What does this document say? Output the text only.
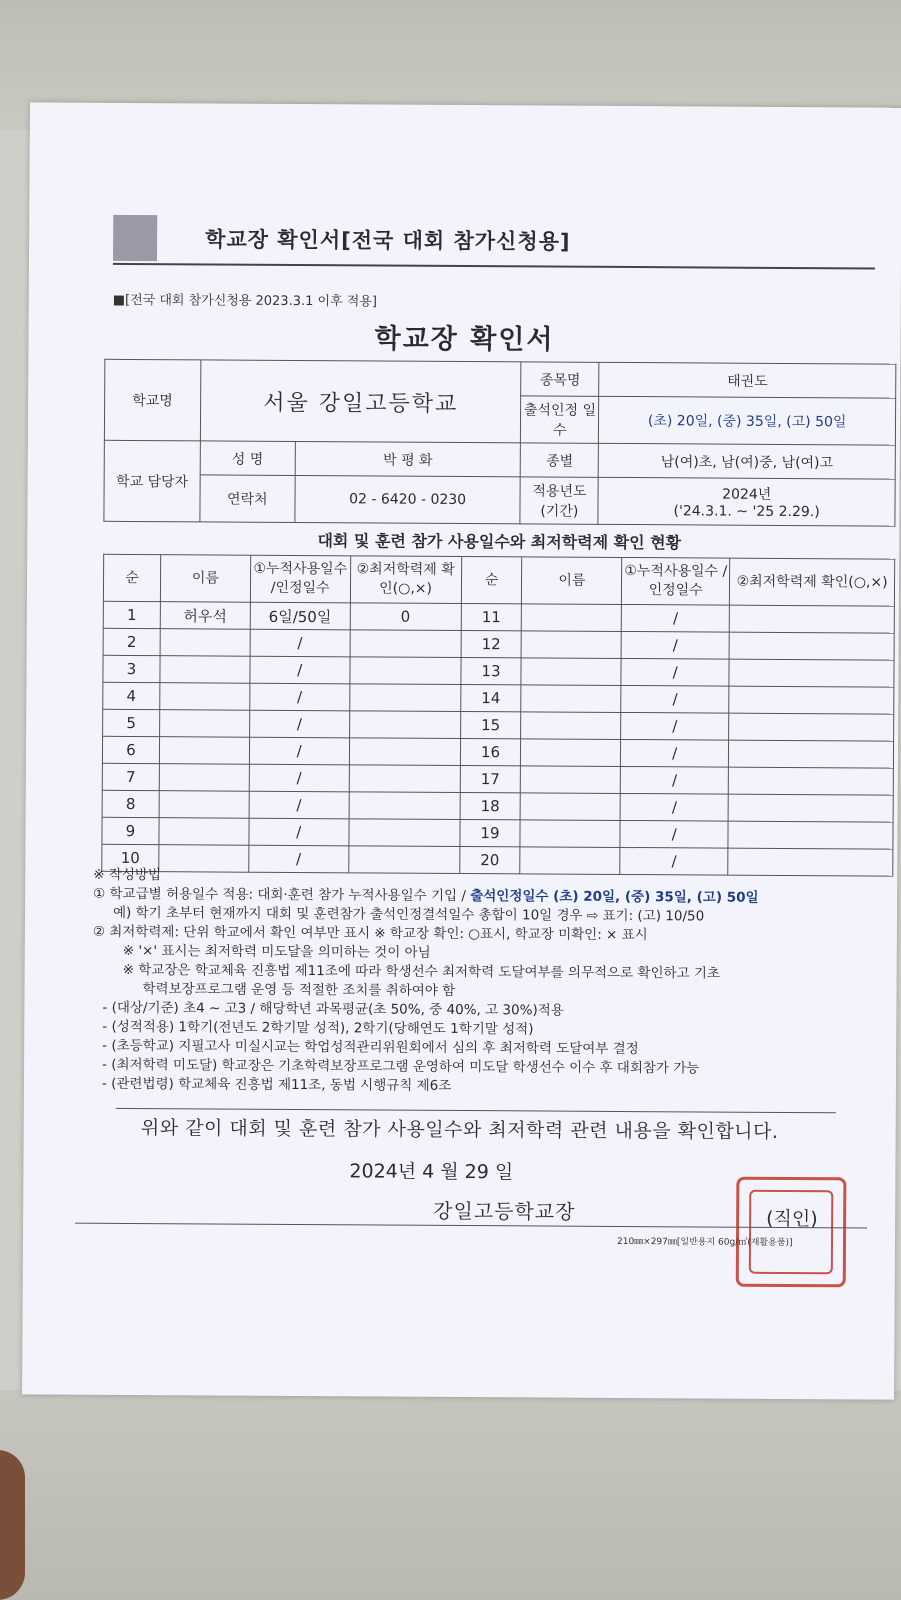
학교장 확인서[전국 대회 참가신청용]
■[전국 대회 참가신청용 2023.3.1 이후 적용]
학교장 확인서
학교명	서울 강일고등학교		종목명	태권도
			출석인정 일수	(초) 20일, (중) 35일, (고) 50일
학교 담당자	성 명	박 평 화	종별	남(여)초, 남(여)중, 남(여)고
	연락처	02 - 6420 - 0230	적용년도 (기간)	2024년
('24.3.1. ~ '25 2.29.)
대회 및 훈련 참가 사용일수와 최저학력제 확인 현황
순	이름	①누적사용일수 /인정일수	②최저학력제 확인(○,×)	순	이름	①누적사용일수 /인정일수	②최저학력제 확인(○,×)
1	허우석	6일/50일	0	11		/	
2		/		12		/	
3		/		13		/	
4		/		14		/	
5		/		15		/	
6		/		16		/	
7		/		17		/	
8		/		18		/	
9		/		19		/	
10		/		20		/	
※ 작성방법
① 학교급별 허용일수 적용: 대회·훈련 참가 누적사용일수 기입 / 출석인정일수 (초) 20일, (중) 35일, (고) 50일
예) 학기 초부터 현재까지 대회 및 훈련참가 출석인정결석일수 총합이 10일 경우 ⇨ 표기: (고) 10/50
② 최저학력제: 단위 학교에서 확인 여부만 표시 ※ 학교장 확인: ○표시, 학교장 미확인: × 표시
※ '×' 표시는 최저학력 미도달을 의미하는 것이 아님
※ 학교장은 학교체육 진흥법 제11조에 따라 학생선수 최저학력 도달여부를 의무적으로 확인하고 기초
학력보장프로그램 운영 등 적절한 조치를 취하여야 함
- (대상/기준) 초4 ~ 고3 / 해당학년 과목평균(초 50%, 중 40%, 고 30%)적용
- (성적적용) 1학기(전년도 2학기말 성적), 2학기(당해연도 1학기말 성적)
- (초등학교) 지필고사 미실시교는 학업성적관리위원회에서 심의 후 최저학력 도달여부 결정
- (최저학력 미도달) 학교장은 기초학력보장프로그램 운영하여 미도달 학생선수 이수 후 대회참가 가능
- (관련법령) 학교체육 진흥법 제11조, 동법 시행규칙 제6조
위와 같이 대회 및 훈련 참가 사용일수와 최저학력 관련 내용을 확인합니다.
2024년 4 월 29 일
강일고등학교장	(직인)
210㎜×297㎜[일반용지 60g/㎡(재활용품)]
